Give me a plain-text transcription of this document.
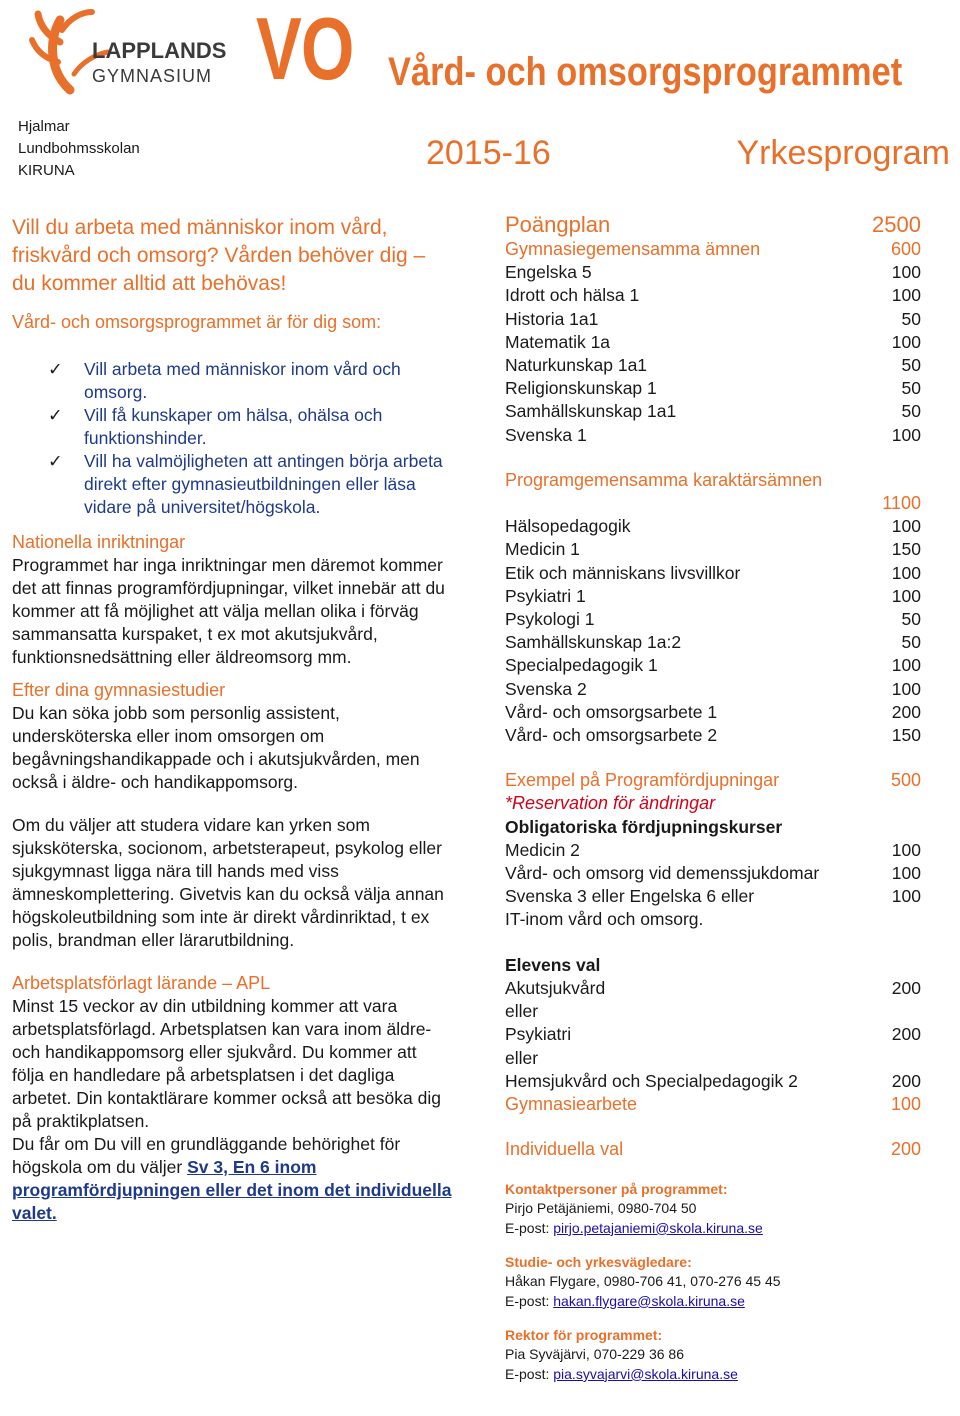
LAPPLANDS
GYMNASIUM
Hjalmar
Lundbohmsskolan
KIRUNA
VO Vård- och omsorgsprogrammet
2015-16	Yrkesprogram

Vill du arbeta med människor inom vård, friskvård och omsorg? Vården behöver dig – du kommer alltid att behövas!

Vård- och omsorgsprogrammet är för dig som:

✓ Vill arbeta med människor inom vård och omsorg.
✓ Vill få kunskaper om hälsa, ohälsa och funktionshinder.
✓ Vill ha valmöjligheten att antingen börja arbeta direkt efter gymnasieutbildningen eller läsa vidare på universitet/högskola.

Nationella inriktningar

Programmet har inga inriktningar men däremot kommer det att finnas programfördjupningar, vilket innebär att du kommer att få möjlighet att välja mellan olika i förväg sammansatta kurspaket, t ex mot akutsjukvård, funktionsnedsättning eller äldreomsorg mm.

Efter dina gymnasiestudier

Du kan söka jobb som personlig assistent, undersköterska eller inom omsorgen om begåvningshandikappade och i akutsjukvården, men också i äldre- och handikappomsorg.

Om du väljer att studera vidare kan yrken som sjuksköterska, socionom, arbetsterapeut, psykolog eller sjukgymnast ligga nära till hands med viss ämneskomplettering. Givetvis kan du också välja annan högskoleutbildning som inte är direkt vårdinriktad, t ex polis, brandman eller lärarutbildning.

Arbetsplatsförlagt lärande – APL

Minst 15 veckor av din utbildning kommer att vara arbetsplatsförlagd. Arbetsplatsen kan vara inom äldre- och handikappomsorg eller sjukvård. Du kommer att följa en handledare på arbetsplatsen i det dagliga arbetet. Din kontaktlärare kommer också att besöka dig på praktikplatsen.

Du får om Du vill en grundläggande behörighet för högskola om du väljer Sv 3, En 6 inom programfördjupningen eller det inom det individuella valet.

Poängplan	2500
Gymnasiegemensamma ämnen	600
Engelska 5	100
Idrott och hälsa 1	100
Historia 1a1	50
Matematik 1a	100
Naturkunskap 1a1	50
Religionskunskap 1	50
Samhällskunskap 1a1	50
Svenska 1	100
Programgemensamma karaktärsämnen
1100
Hälsopedagogik	100
Medicin 1	150
Etik och människans livsvillkor	100
Psykiatri 1	100
Psykologi 1	50
Samhällskunskap 1a:2	50
Specialpedagogik 1	100
Svenska 2	100
Vård- och omsorgsarbete 1	200
Vård- och omsorgsarbete 2	150
Exempel på Programfördjupningar	500
*Reservation för ändringar
Obligatoriska fördjupningskurser
Medicin 2	100
Vård- och omsorg vid demenssjukdomar	100
Svenska 3 eller Engelska 6 eller	100
IT-inom vård och omsorg.
Elevens val
Akutsjukvård	200
eller
Psykiatri	200
eller
Hemsjukvård och Specialpedagogik 2	200
Gymnasiearbete	100
Individuella val	200
Kontaktpersoner på programmet:
Pirjo Petäjäniemi, 0980-704 50
E-post: pirjo.petajaniemi@skola.kiruna.se
Studie- och yrkesvägledare:
Håkan Flygare, 0980-706 41, 070-276 45 45
E-post: hakan.flygare@skola.kiruna.se
Rektor för programmet:
Pia Syväjärvi, 070-229 36 86
E-post: pia.syvajarvi@skola.kiruna.se
